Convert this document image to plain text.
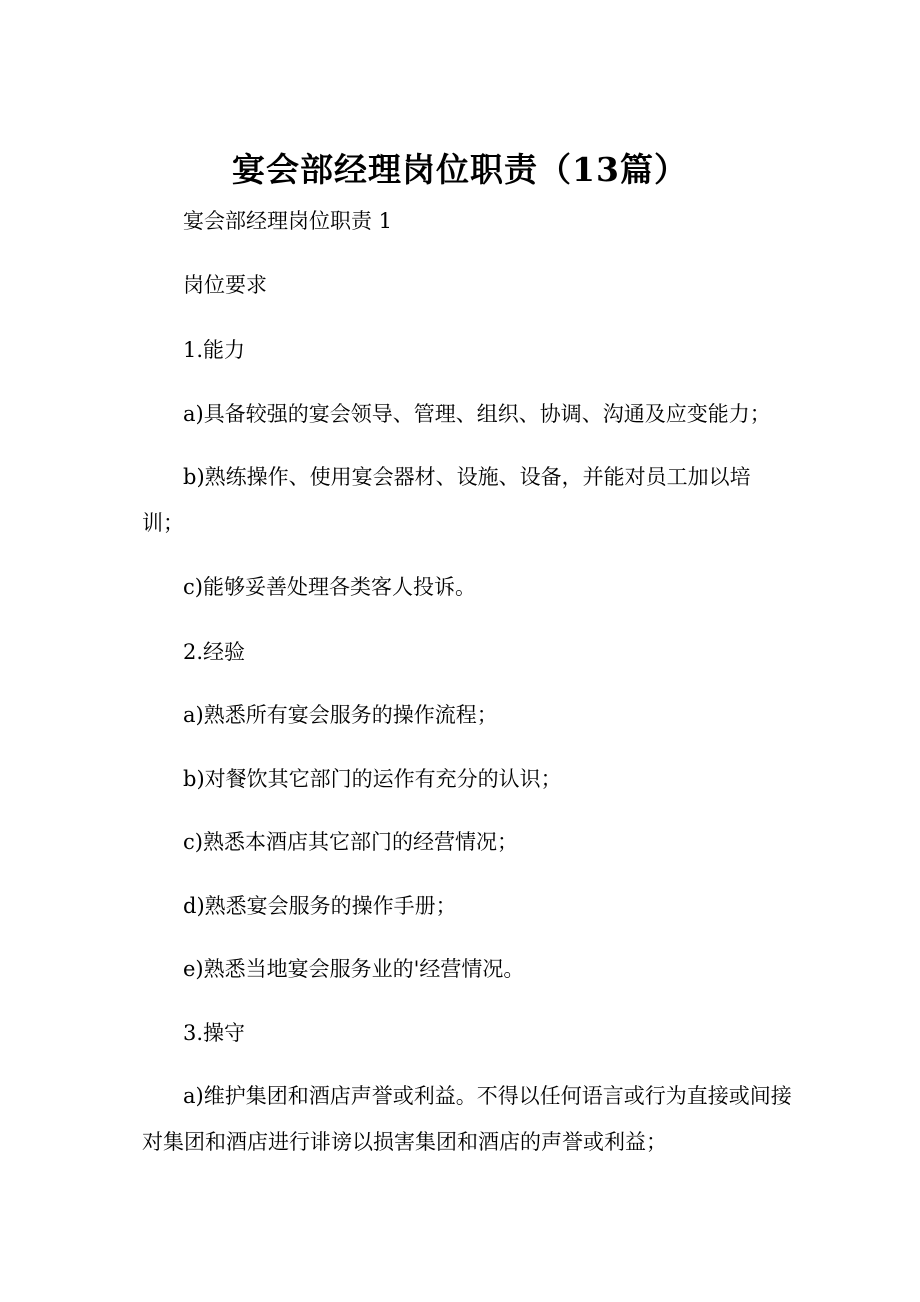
宴会部经理岗位职责（13篇）

宴会部经理岗位职责 1

岗位要求

1.能力

a)具备较强的宴会领导、管理、组织、协调、沟通及应变能力；

b)熟练操作、使用宴会器材、设施、设备，并能对员工加以培训；

c)能够妥善处理各类客人投诉。

2.经验

a)熟悉所有宴会服务的操作流程；

b)对餐饮其它部门的运作有充分的认识；

c)熟悉本酒店其它部门的经营情况；

d)熟悉宴会服务的操作手册；

e)熟悉当地宴会服务业的'经营情况。

3.操守

a)维护集团和酒店声誉或利益。不得以任何语言或行为直接或间接对集团和酒店进行诽谤以损害集团和酒店的声誉或利益；
